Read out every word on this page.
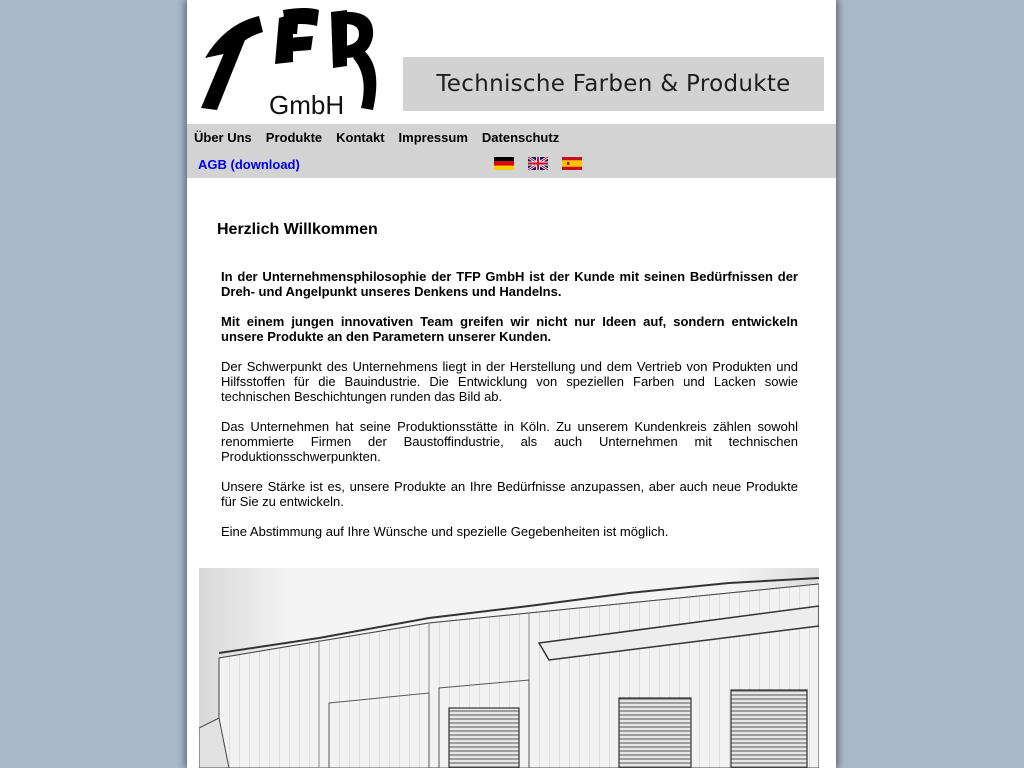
GmbH
Technische Farben & Produkte
Über Uns Produkte Kontakt Impressum Datenschutz
AGB (download)
Herzlich Willkommen

In der Unternehmensphilosophie der TFP GmbH ist der Kunde mit seinen Bedürfnissen der Dreh- und Angelpunkt unseres Denkens und Handelns.

Mit einem jungen innovativen Team greifen wir nicht nur Ideen auf, sondern entwickeln unsere Produkte an den Parametern unserer Kunden.

Der Schwerpunkt des Unternehmens liegt in der Herstellung und dem Vertrieb von Produkten und Hilfsstoffen für die Bauindustrie. Die Entwicklung von speziellen Farben und Lacken sowie technischen Beschichtungen runden das Bild ab.

Das Unternehmen hat seine Produktionsstätte in Köln. Zu unserem Kundenkreis zählen sowohl renommierte Firmen der Baustoffindustrie, als auch Unternehmen mit technischen Produktionsschwerpunkten.

Unsere Stärke ist es, unsere Produkte an Ihre Bedürfnisse anzupassen, aber auch neue Produkte für Sie zu entwickeln.

Eine Abstimmung auf Ihre Wünsche und spezielle Gegebenheiten ist möglich.
